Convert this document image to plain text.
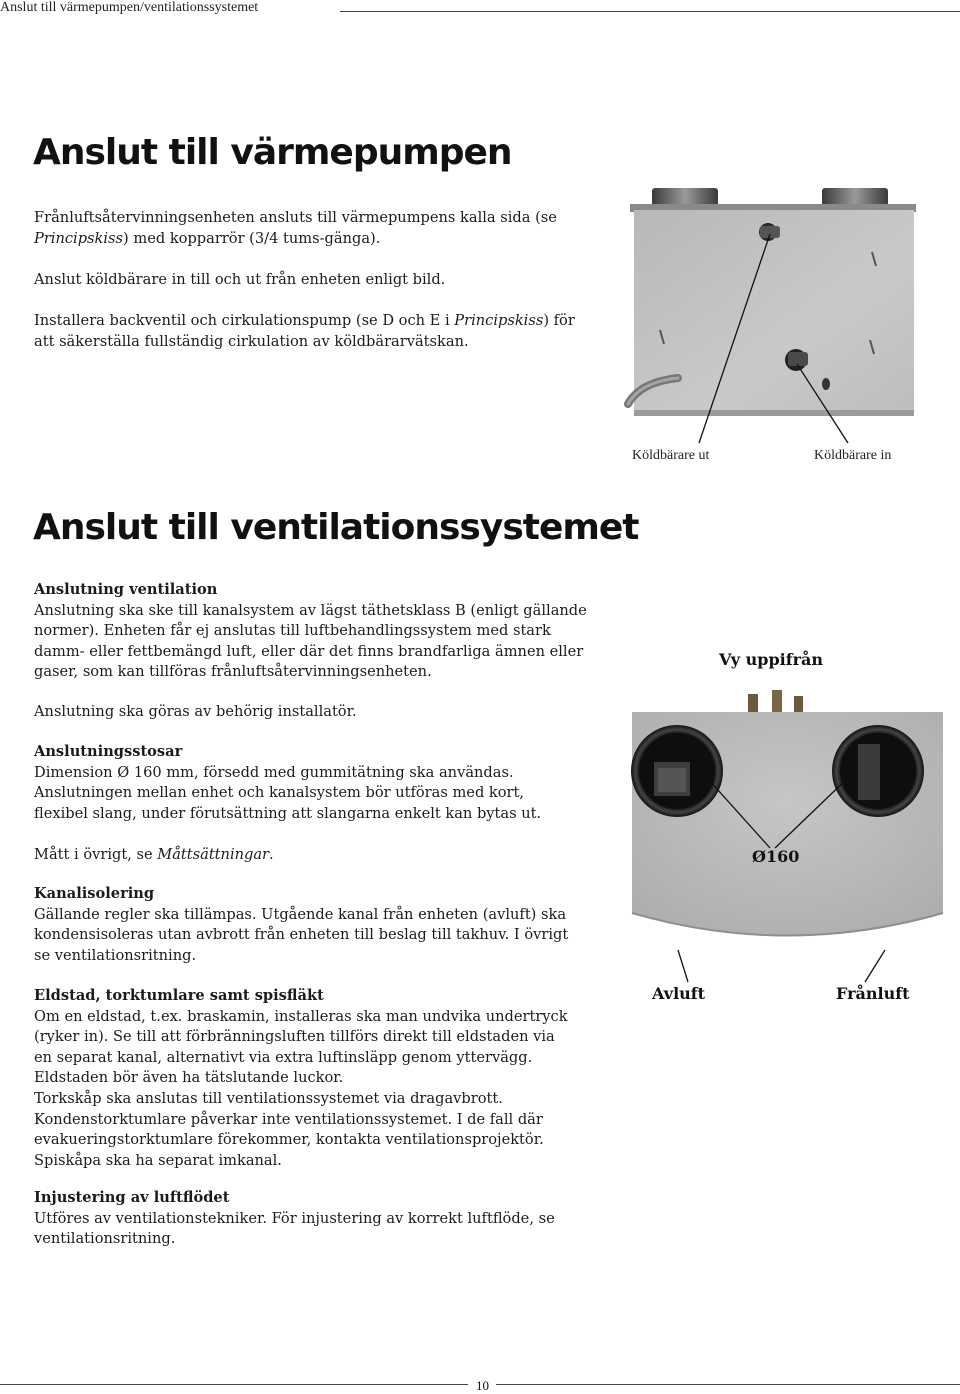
Anslut till värmepumpen/ventilationssystemet
Anslut till värmepumpen
Frånluftsåtervinningsenheten ansluts till värmepumpens kalla sida (se Principskiss) med kopparrör (3/4 tums-gänga).

Anslut köldbärare in till och ut från enheten enligt bild.

Installera backventil och cirkulationspump (se D och E i Principskiss) för att säkerställa fullständig cirkulation av köldbärarvätskan.
Köldbärare ut	Köldbärare in
Anslut till ventilationssystemet

Anslutning ventilation

Anslutning ska ske till kanalsystem av lägst täthetsklass B (enligt gällande normer). Enheten får ej anslutas till luftbehandlingssystem med stark damm- eller fettbemängd luft, eller där det finns brandfarliga ämnen eller gaser, som kan tillföras frånluftsåtervinningsenheten.

Anslutning ska göras av behörig installatör.

Anslutningsstosar

Dimension Ø 160 mm, försedd med gummitätning ska användas. Anslutningen mellan enhet och kanalsystem bör utföras med kort, flexibel slang, under förutsättning att slangarna enkelt kan bytas ut.

Mått i övrigt, se Måttsättningar.

Kanalisolering

Gällande regler ska tillämpas. Utgående kanal från enheten (avluft) ska kondensisoleras utan avbrott från enheten till beslag till takhuv. I övrigt se ventilationsritning.

Eldstad, torktumlare samt spisfläkt

Om en eldstad, t.ex. braskamin, installeras ska man undvika undertryck (ryker in). Se till att förbränningsluften tillförs direkt till eldstaden via en separat kanal, alternativt via extra luftinsläpp genom yttervägg. Eldstaden bör även ha tätslutande luckor.

Torkskåp ska anslutas till ventilationssystemet via dragavbrott. Kondenstorktumlare påverkar inte ventilationssystemet. I de fall där evakueringstorktumlare förekommer, kontakta ventilationsprojektör.

Spiskåpa ska ha separat imkanal.

Injustering av luftflödet

Utföres av ventilationstekniker. För injustering av korrekt luftflöde, se ventilationsritning.

Vy uppifrån
Ø160
Avluft	Frånluft
10
